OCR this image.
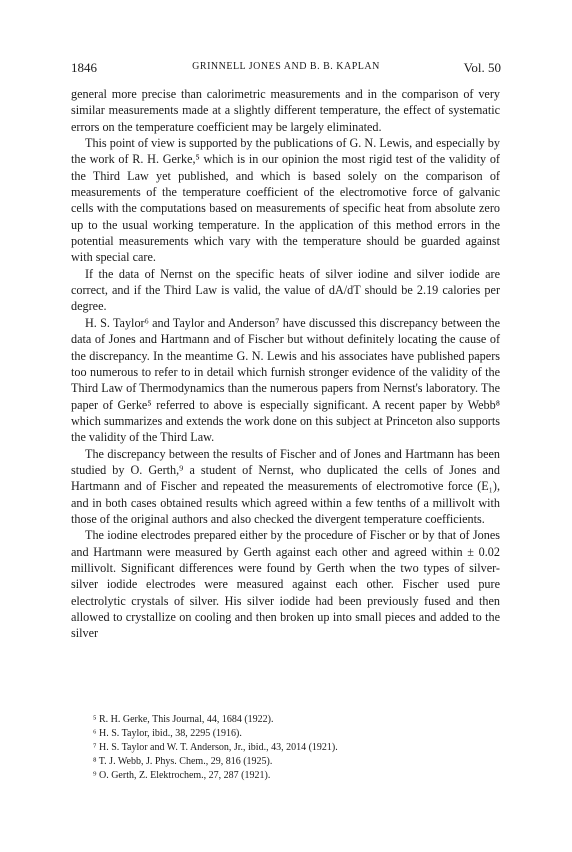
1846	GRINNELL JONES AND B. B. KAPLAN	Vol. 50

general more precise than calorimetric measurements and in the comparison of very similar measurements made at a slightly different temperature, the effect of systematic errors on the temperature coefficient may be largely eliminated.

This point of view is supported by the publications of G. N. Lewis, and especially by the work of R. H. Gerke,⁵ which is in our opinion the most rigid test of the validity of the Third Law yet published, and which is based solely on the comparison of measurements of the temperature coefficient of the electromotive force of galvanic cells with the computations based on measurements of specific heat from absolute zero up to the usual working temperature. In the application of this method errors in the potential measurements which vary with the temperature should be guarded against with special care.

If the data of Nernst on the specific heats of silver iodine and silver iodide are correct, and if the Third Law is valid, the value of dA/dT should be 2.19 calories per degree.

H. S. Taylor⁶ and Taylor and Anderson⁷ have discussed this discrepancy between the data of Jones and Hartmann and of Fischer but without definitely locating the cause of the discrepancy. In the meantime G. N. Lewis and his associates have published papers too numerous to refer to in detail which furnish stronger evidence of the validity of the Third Law of Thermodynamics than the numerous papers from Nernst's laboratory. The paper of Gerke⁵ referred to above is especially significant. A recent paper by Webb⁸ which summarizes and extends the work done on this subject at Princeton also supports the validity of the Third Law.

The discrepancy between the results of Fischer and of Jones and Hartmann has been studied by O. Gerth,⁹ a student of Nernst, who duplicated the cells of Jones and Hartmann and of Fischer and repeated the measurements of electromotive force (E₁), and in both cases obtained results which agreed within a few tenths of a millivolt with those of the original authors and also checked the divergent temperature coefficients.

The iodine electrodes prepared either by the procedure of Fischer or by that of Jones and Hartmann were measured by Gerth against each other and agreed within ± 0.02 millivolt. Significant differences were found by Gerth when the two types of silver-silver iodide electrodes were measured against each other. Fischer used pure electrolytic crystals of silver. His silver iodide had been previously fused and then allowed to crystallize on cooling and then broken up into small pieces and added to the silver

⁵ R. H. Gerke, This Journal, 44, 1684 (1922).
⁶ H. S. Taylor, ibid., 38, 2295 (1916).
⁷ H. S. Taylor and W. T. Anderson, Jr., ibid., 43, 2014 (1921).
⁸ T. J. Webb, J. Phys. Chem., 29, 816 (1925).
⁹ O. Gerth, Z. Elektrochem., 27, 287 (1921).
